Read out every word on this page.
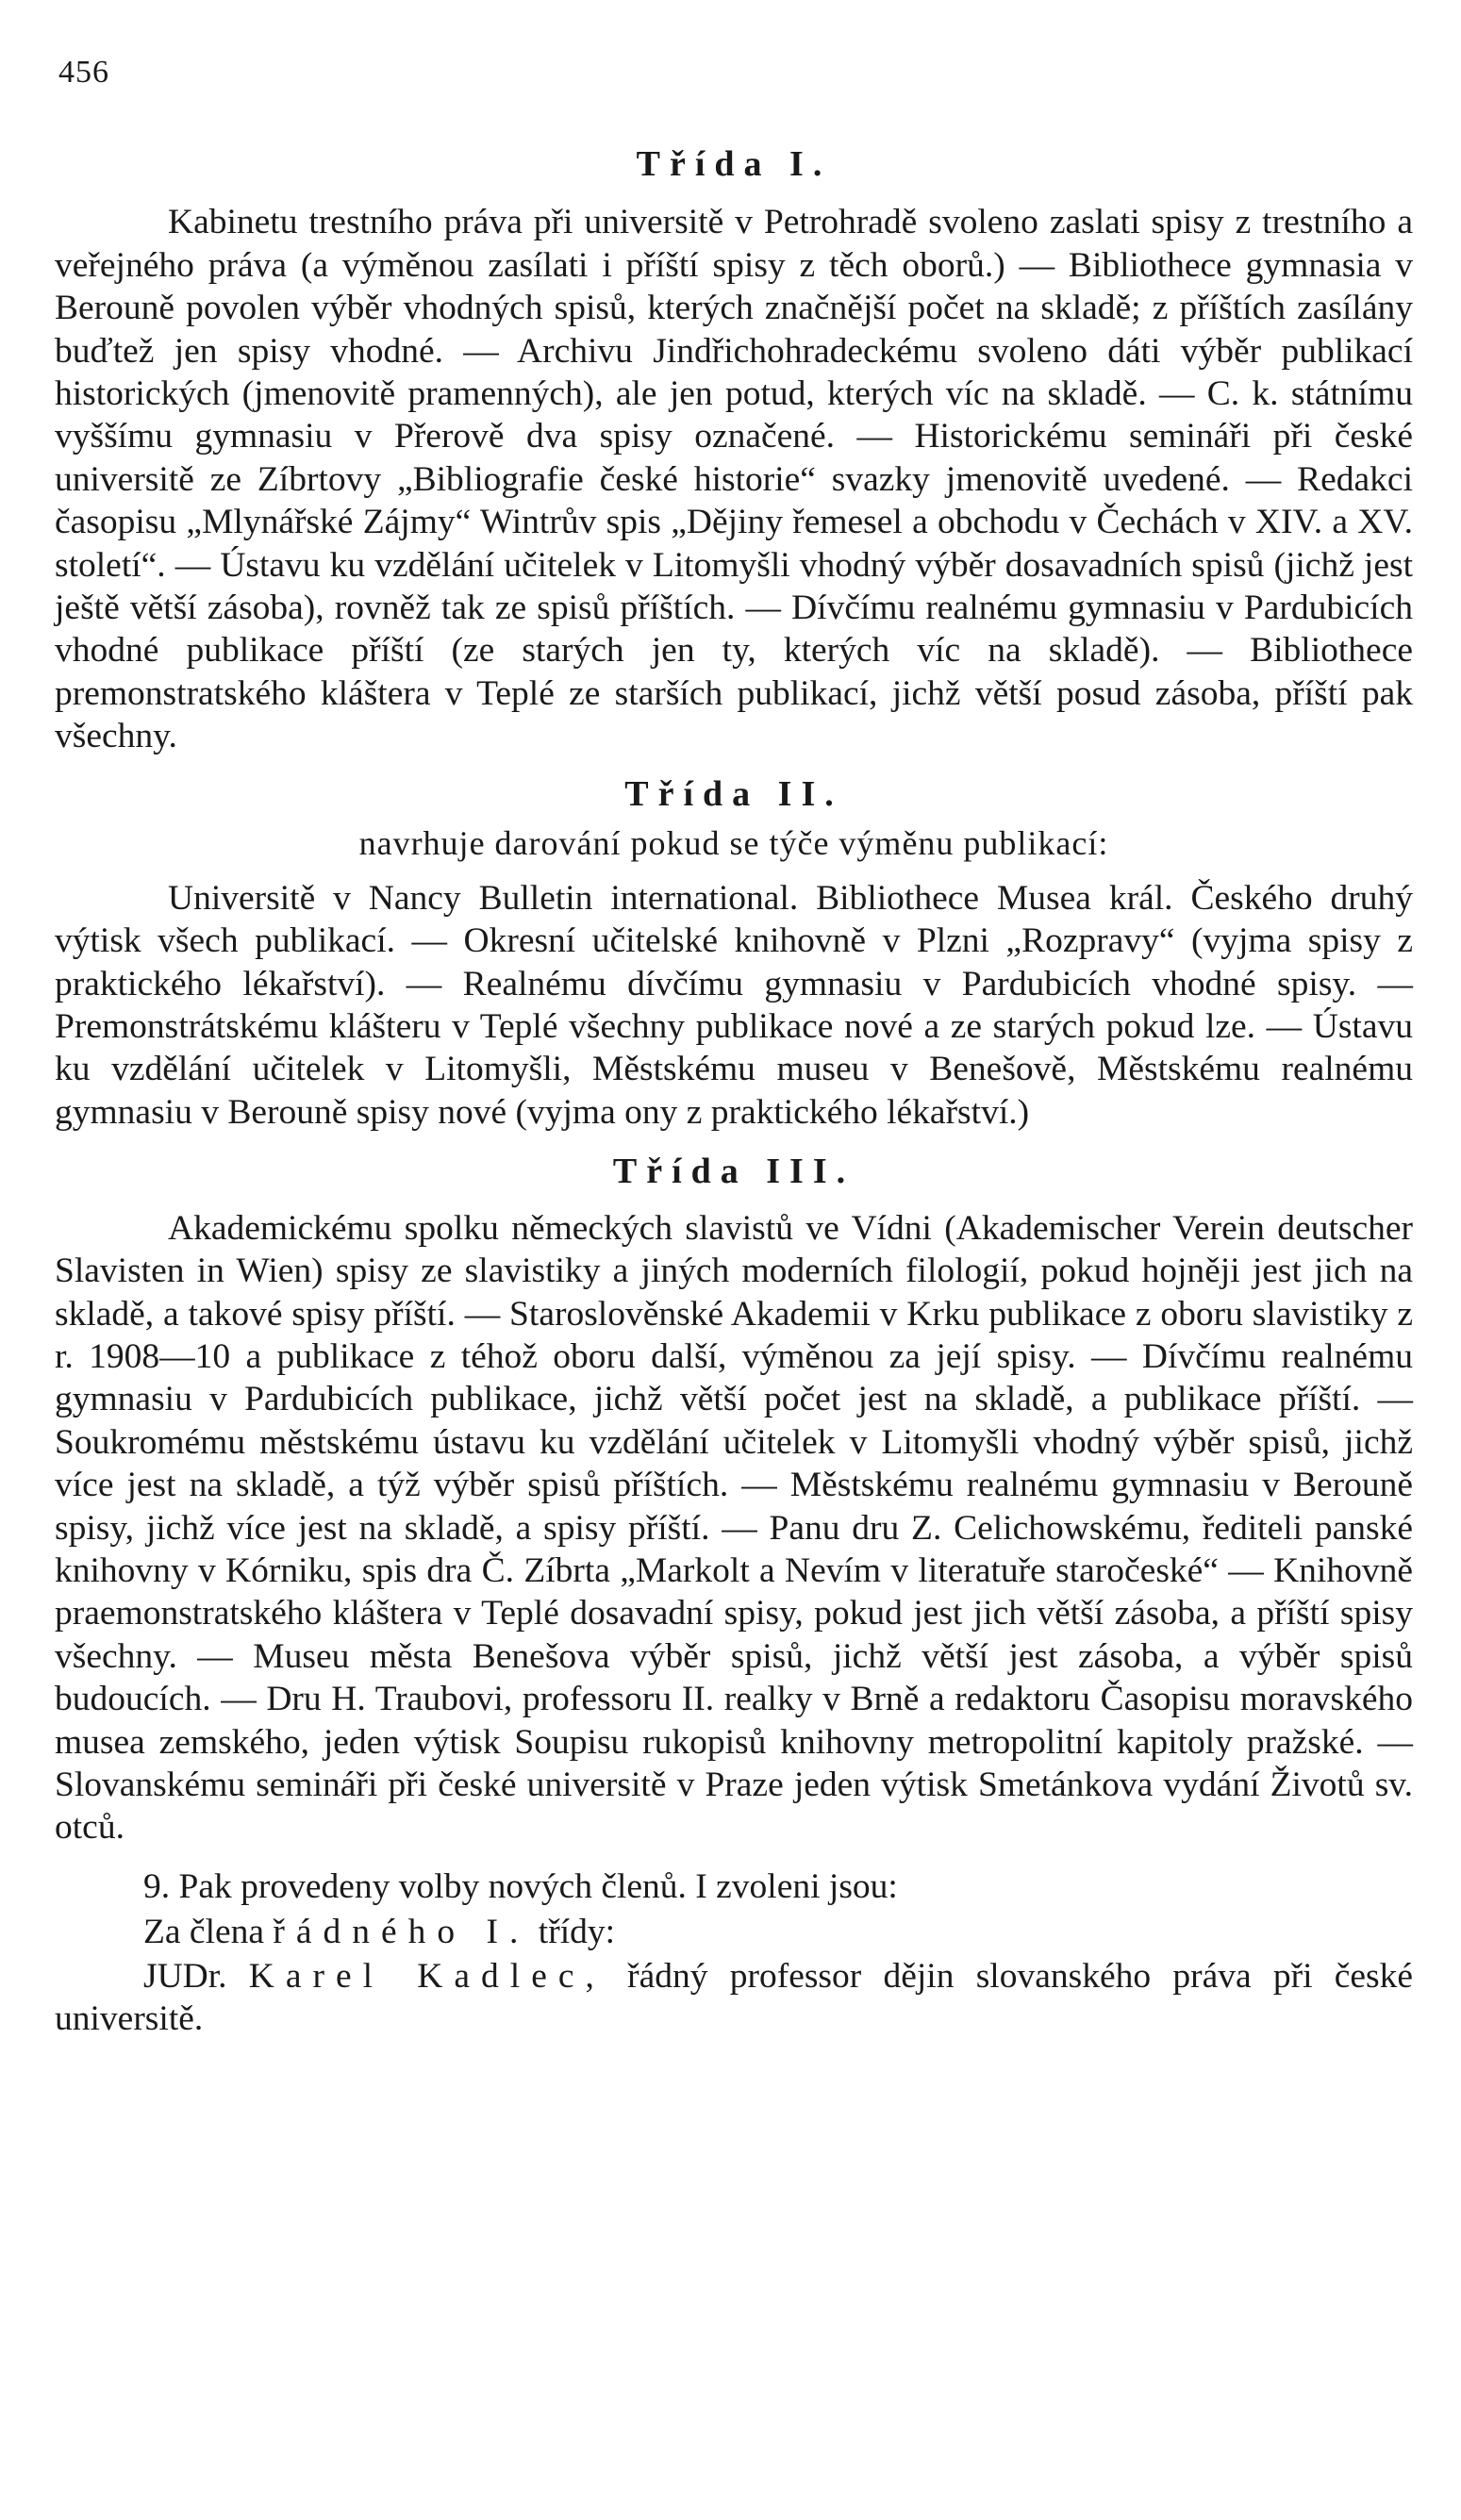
456
Třída I.

Kabinetu trestního práva při universitě v Petrohradě svoleno zaslati spisy z trestního a veřejného práva (a výměnou zasílati i příští spisy z těch oborů.) — Bibliothece gymnasia v Berouně povolen výběr vhodných spisů, kterých značnější počet na skladě; z příštích zasílány buďtež jen spisy vhodné. — Archivu Jindřichohradeckému svoleno dáti výběr publikací historických (jmenovitě pramenných), ale jen potud, kterých víc na skladě. — C. k. státnímu vyššímu gymnasiu v Přerově dva spisy označené. — Historickému semináři při české universitě ze Zíbrtovy „Bibliografie české historie“ svazky jmenovitě uvedené. — Redakci časopisu „Mlynářské Zájmy“ Wintrův spis „Dějiny řemesel a obchodu v Čechách v XIV. a XV. století“. — Ústavu ku vzdělání učitelek v Litomyšli vhodný výběr dosavadních spisů (jichž jest ještě větší zásoba), rovněž tak ze spisů příštích. — Dívčímu realnému gymnasiu v Pardubicích vhodné publikace příští (ze starých jen ty, kterých víc na skladě). — Bibliothece premonstratského kláštera v Teplé ze starších publikací, jichž větší posud zásoba, příští pak všechny.

Třída II.
navrhuje darování pokud se týče výměnu publikací:

Universitě v Nancy Bulletin international. Bibliothece Musea král. Českého druhý výtisk všech publikací. — Okresní učitelské knihovně v Plzni „Rozpravy“ (vyjma spisy z praktického lékařství). — Realnému dívčímu gymnasiu v Pardubicích vhodné spisy. — Premonstrátskému klášteru v Teplé všechny publikace nové a ze starých pokud lze. — Ústavu ku vzdělání učitelek v Litomyšli, Městskému museu v Benešově, Městskému realnému gymnasiu v Berouně spisy nové (vyjma ony z praktického lékařství.)

Třída III.

Akademickému spolku německých slavistů ve Vídni (Akademischer Verein deutscher Slavisten in Wien) spisy ze slavistiky a jiných moderních filologií, pokud hojněji jest jich na skladě, a takové spisy příští. — Staroslověnské Akademii v Krku publikace z oboru slavistiky z r. 1908—10 a publikace z téhož oboru další, výměnou za její spisy. — Dívčímu realnému gymnasiu v Pardubicích publikace, jichž větší počet jest na skladě, a publikace příští. — Soukromému městskému ústavu ku vzdělání učitelek v Litomyšli vhodný výběr spisů, jichž více jest na skladě, a týž výběr spisů příštích. — Městskému realnému gymnasiu v Berouně spisy, jichž více jest na skladě, a spisy příští. — Panu dru Z. Celichowskému, řediteli panské knihovny v Kórniku, spis dra Č. Zíbrta „Markolt a Nevím v literatuře staročeské“ — Knihovně praemonstratského kláštera v Teplé dosavadní spisy, pokud jest jich větší zásoba, a příští spisy všechny. — Museu města Benešova výběr spisů, jichž větší jest zásoba, a výběr spisů budoucích. — Dru H. Traubovi, professoru II. realky v Brně a redaktoru Časopisu moravského musea zemského, jeden výtisk Soupisu rukopisů knihovny metropolitní kapitoly pražské. — Slovanskému semináři při české universitě v Praze jeden výtisk Smetánkova vydání Životů sv. otců.

9. Pak provedeny volby nových členů. I zvoleni jsou:

Za člena řádného I. třídy:

JUDr. Karel Kadlec, řádný professor dějin slovanského práva při české universitě.
